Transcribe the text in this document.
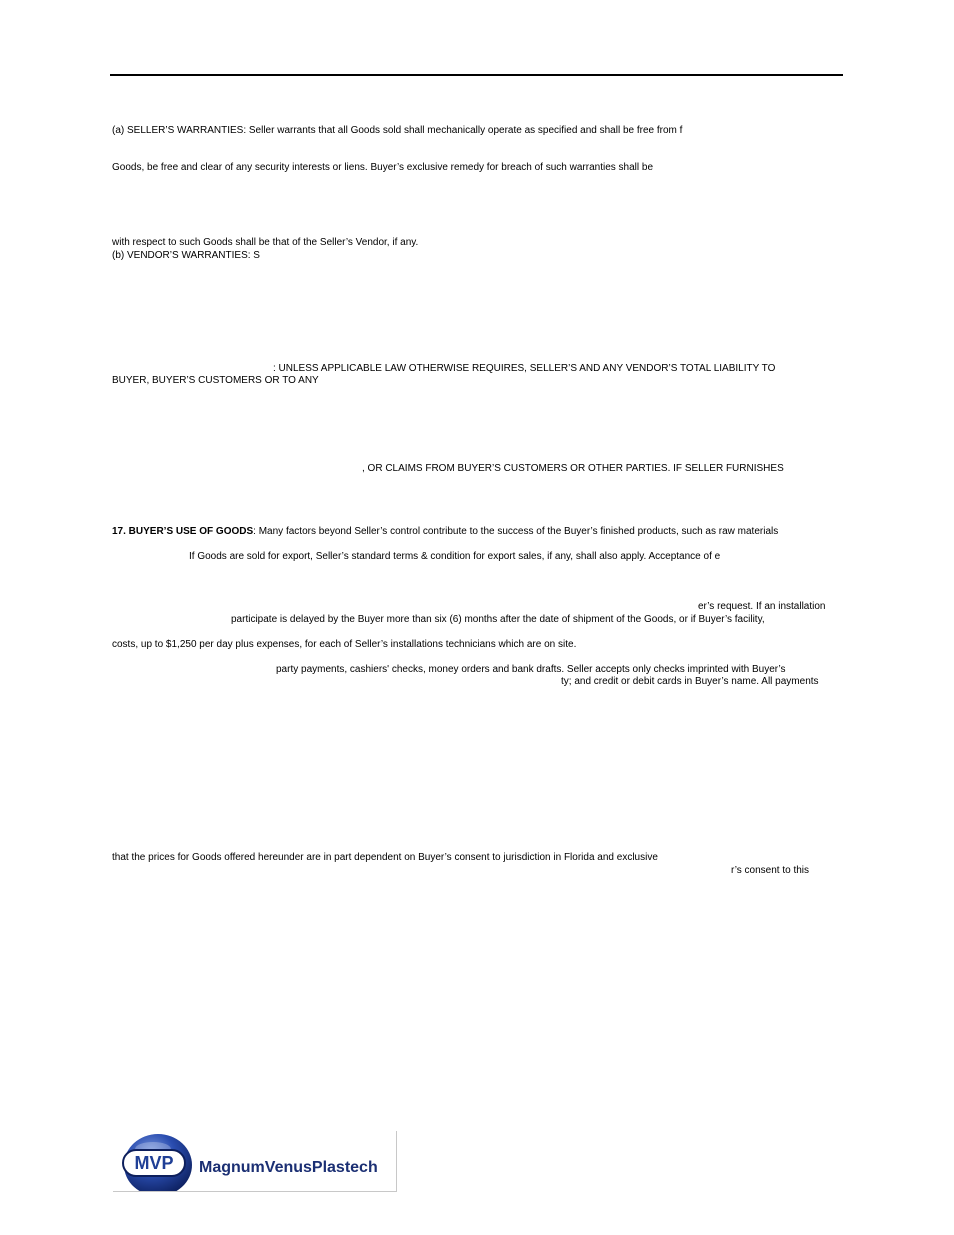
(a) SELLER’S WARRANTIES: Seller warrants that all Goods sold shall mechanically operate as specified and shall be free from f
Goods, be free and clear of any security interests or liens. Buyer’s exclusive remedy for breach of such warranties shall be
with respect to such Goods shall be that of the Seller’s Vendor, if any.
(b) VENDOR’S WARRANTIES: S
: UNLESS APPLICABLE LAW OTHERWISE REQUIRES, SELLER’S AND ANY VENDOR’S TOTAL LIABILITY TO
BUYER, BUYER’S CUSTOMERS OR TO ANY
, OR CLAIMS FROM BUYER’S CUSTOMERS OR OTHER PARTIES. IF SELLER FURNISHES
17. BUYER’S USE OF GOODS: Many factors beyond Seller’s control contribute to the success of the Buyer’s finished products, such as raw materials
If Goods are sold for export, Seller’s standard terms & condition for export sales, if any, shall also apply. Acceptance of e
er’s request. If an installation
participate is delayed by the Buyer more than six (6) months after the date of shipment of the Goods, or if Buyer’s facility,
costs, up to $1,250 per day plus expenses, for each of Seller’s installations technicians which are on site.
party payments, cashiers' checks, money orders and bank drafts. Seller accepts only checks imprinted with Buyer’s
ty; and credit or debit cards in Buyer’s name. All payments
that the prices for Goods offered hereunder are in part dependent on Buyer’s consent to jurisdiction in Florida and exclusive
r’s consent to this
MVP MagnumVenusPlastech
